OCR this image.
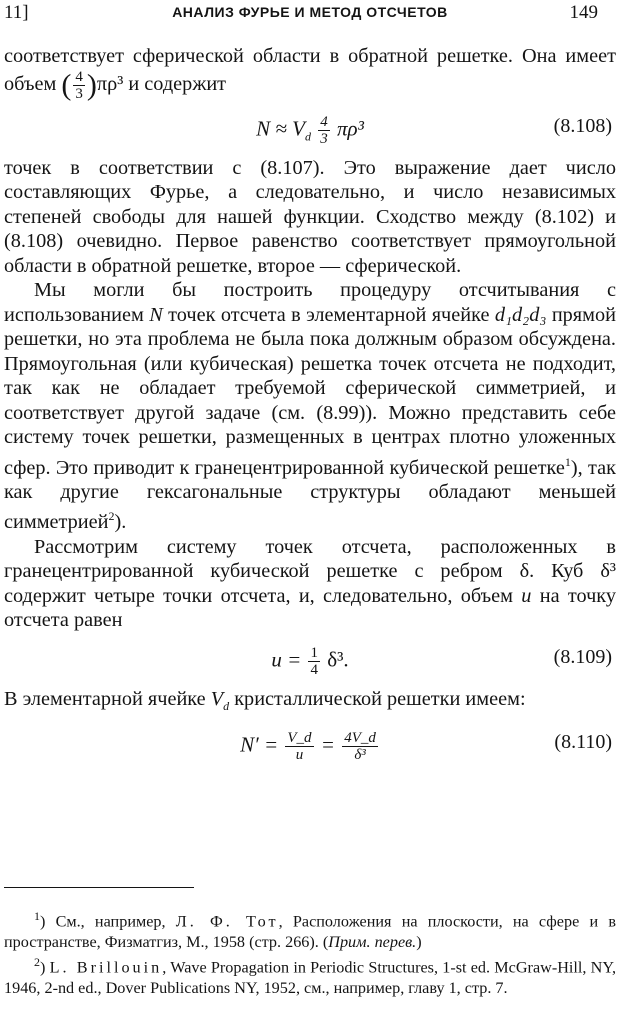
11]	АНАЛИЗ ФУРЬЕ И МЕТОД ОТСЧЕТОВ	149

соответствует сферической области в обратной решетке. Она имеет объем ( $\frac{4}{3} )\pi\rho^3$ и содержит

$N \approx V_d \frac{4}{3} \pi\rho^3$	(8.108)

точек в соответствии с (8.107). Это выражение дает число составляющих Фурье, а следовательно, и число независимых степеней свободы для нашей функции. Сходство между (8.102) и (8.108) очевидно. Первое равенство соответствует прямоугольной области в обратной решетке, второе — сферической.

Мы могли бы построить процедуру отсчитывания с использованием N точек отсчета в элементарной ячейке d₁d₂d₃ прямой решетки, но эта проблема не была пока должным образом обсуждена. Прямоугольная (или кубическая) решетка точек отсчета не подходит, так как не обладает требуемой сферической симметрией, и соответствует другой задаче (см. (8.99)). Можно представить себе систему точек решетки, размещенных в центрах плотно уложенных сфер. Это приводит к гранецентрированной кубической решетке$^1$), так как другие гексагональные структуры обладают меньшей симметрией$^2$).

Рассмотрим систему точек отсчета, расположенных в гранецентрированной кубической решетке с ребром δ. Куб δ³ содержит четыре точки отсчета, и, следовательно, объем u на точку отсчета равен

$u = \frac{1}{4} \delta^3$.	(8.109)

В элементарной ячейке $V_d$ кристаллической решетки имеем:

$N' = \frac{V\_d}{u} = \frac{4V\_d}{\text{δ³}}$	(8.110)

$^1$) См., например, Л. Ф. Тот, Расположения на плоскости, на сфере и в пространстве, Физматгиз, М., 1958 (стр. 266). (Прим. перев.)

$^2$) L. Brillouin, Wave Propagation in Periodic Structures, 1-st ed. McGraw-Hill, NY, 1946, 2-nd ed., Dover Publications NY, 1952, см., например, главу 1, стр. 7.
